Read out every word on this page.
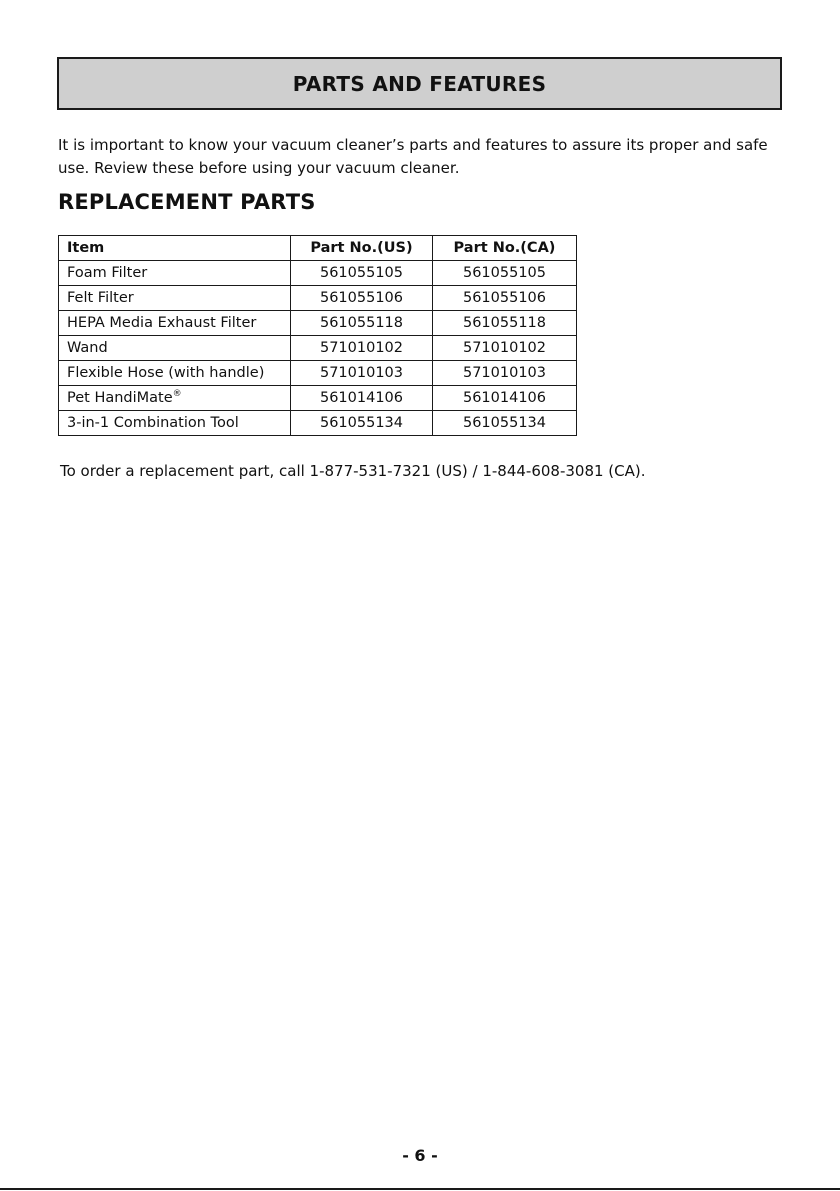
PARTS AND FEATURES

It is important to know your vacuum cleaner’s parts and features to assure its proper and safe use. Review these before using your vacuum cleaner.

REPLACEMENT PARTS
Item	Part No.(US)	Part No.(CA)
Foam Filter	561055105	561055105
Felt Filter	561055106	561055106
HEPA Media Exhaust Filter	561055118	561055118
Wand	571010102	571010102
Flexible Hose (with handle)	571010103	571010103
Pet HandiMate®	561014106	561014106
3-in-1 Combination Tool	561055134	561055134
To order a replacement part, call 1-877-531-7321 (US) / 1-844-608-3081 (CA).
- 6 -
